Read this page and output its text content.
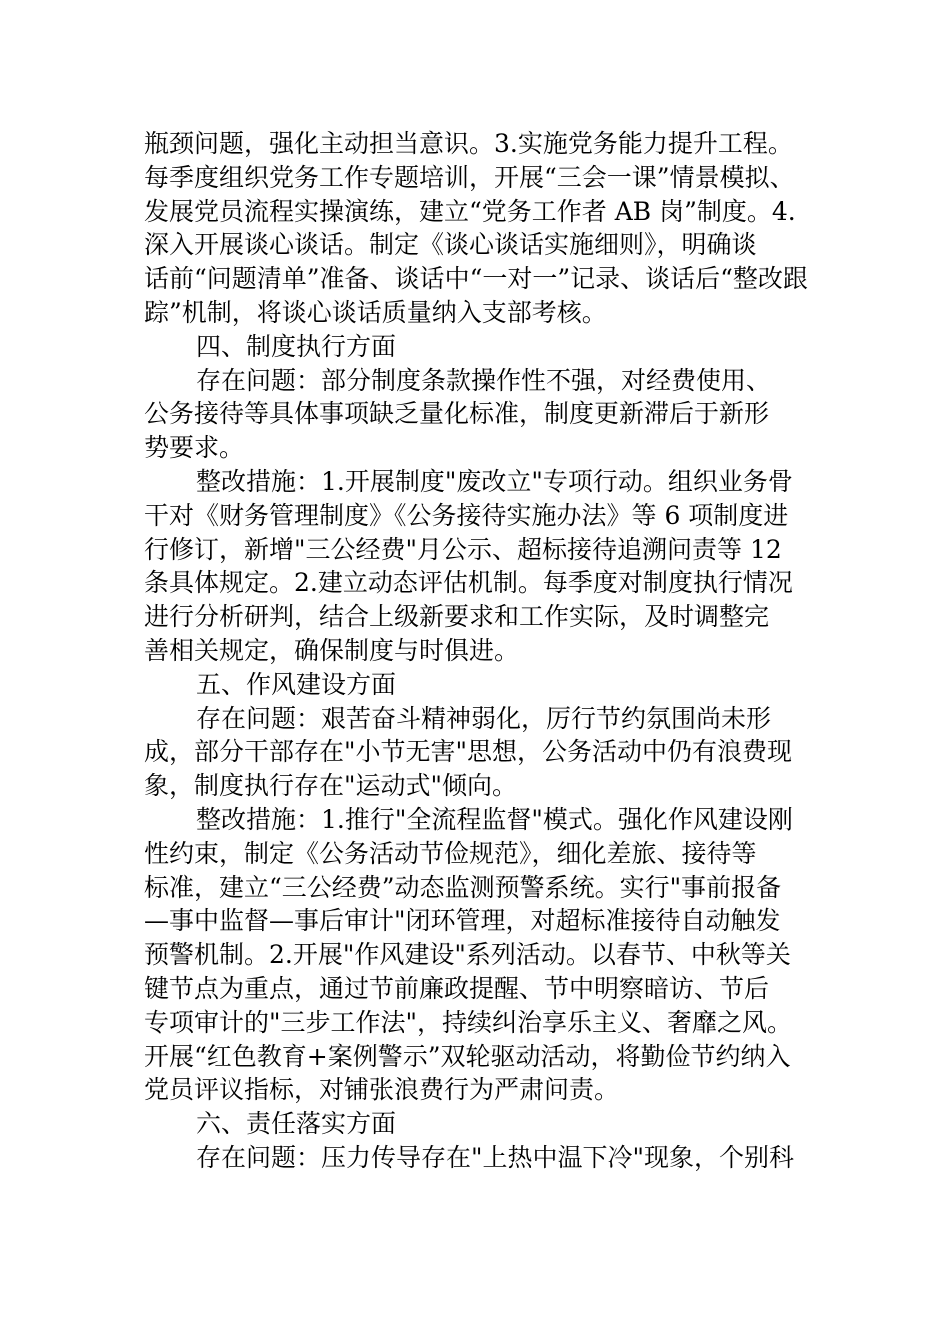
瓶颈问题，强化主动担当意识。3.实施党务能力提升工程。
每季度组织党务工作专题培训，开展“三会一课”情景模拟、
发展党员流程实操演练，建立“党务工作者 AB 岗”制度。4.
深入开展谈心谈话。制定《谈心谈话实施细则》，明确谈
话前“问题清单”准备、谈话中“一对一”记录、谈话后“整改跟
踪”机制，将谈心谈话质量纳入支部考核。
四、制度执行方面
存在问题：部分制度条款操作性不强，对经费使用、
公务接待等具体事项缺乏量化标准，制度更新滞后于新形
势要求。
整改措施：1.开展制度"废改立"专项行动。组织业务骨
干对《财务管理制度》《公务接待实施办法》等 6 项制度进
行修订，新增"三公经费"月公示、超标接待追溯问责等 12
条具体规定。2.建立动态评估机制。每季度对制度执行情况
进行分析研判，结合上级新要求和工作实际，及时调整完
善相关规定，确保制度与时俱进。
五、作风建设方面
存在问题：艰苦奋斗精神弱化，厉行节约氛围尚未形
成，部分干部存在"小节无害"思想，公务活动中仍有浪费现
象，制度执行存在"运动式"倾向。
整改措施：1.推行"全流程监督"模式。强化作风建设刚
性约束，制定《公务活动节俭规范》，细化差旅、接待等
标准，建立“三公经费”动态监测预警系统。实行"事前报备
—事中监督—事后审计"闭环管理，对超标准接待自动触发
预警机制。2.开展"作风建设"系列活动。以春节、中秋等关
键节点为重点，通过节前廉政提醒、节中明察暗访、节后
专项审计的"三步工作法"，持续纠治享乐主义、奢靡之风。
开展“红色教育+案例警示”双轮驱动活动，将勤俭节约纳入
党员评议指标，对铺张浪费行为严肃问责。
六、责任落实方面
存在问题：压力传导存在"上热中温下冷"现象，个别科
